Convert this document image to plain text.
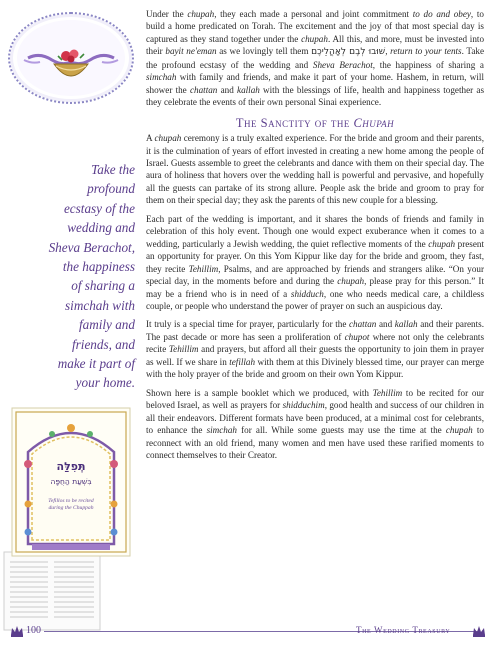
Take the
profound
ecstasy of the
wedding and
Sheva Berachot,
the happiness
of sharing a
simchah with
family and
friends, and
make it part of
your home.
תְּפִלַּה
בִּשְׁעַת הַחֻפָּה
Tefillos to be recited
during the Chuppah

Under the chupah, they each made a personal and joint commitment to do and obey, to build a home predicated on Torah. The excitement and the joy of that most special day is captured as they stand together under the chupah. All this, and more, must be invested into their bayit ne'eman as we lovingly tell them שׁוּבוּ לְבֶם לְאָהֳלֵיכֶם, return to your tents. Take the profound ecstasy of the wedding and Sheva Berachot, the happiness of sharing a simchah with family and friends, and make it part of your home. Hashem, in return, will shower the chattan and kallah with the blessings of life, health and happiness together as they celebrate the events of their own personal Sinai experience.

The Sanctity of the Chupah

A chupah ceremony is a truly exalted experience. For the bride and groom and their parents, it is the culmination of years of effort invested in creating a new home among the people of Israel. Guests assemble to greet the celebrants and dance with them on their special day. The aura of holiness that hovers over the wedding hall is powerful and pervasive, and hopefully all the guests can partake of its strong allure. People ask the bride and groom to pray for them on their special day; they ask the parents of this new couple for a blessing.

Each part of the wedding is important, and it shares the bonds of friends and family in celebration of this holy event. Though one would expect exuberance when it comes to a wedding, particularly a Jewish wedding, the quiet reflective moments of the chupah present an opportunity for prayer. On this Yom Kippur like day for the bride and groom, they fast, they recite Tehillim, Psalms, and are approached by friends and strangers alike. “On your special day, in the moments before and during the chupah, please pray for this person.” It may be a friend who is in need of a shidduch, one who needs medical care, a childless couple, or people who understand the power of prayer on such an auspicious day.

It truly is a special time for prayer, particularly for the chattan and kallah and their parents. The past decade or more has seen a proliferation of chupot where not only the celebrants recite Tehillim and prayers, but afford all their guests the opportunity to join them in prayer as well. If we share in tefillah with them at this Divinely blessed time, our prayer can merge with the holy prayer of the bride and groom on their own Yom Kippur.

Shown here is a sample booklet which we produced, with Tehillim to be recited for our beloved Israel, as well as prayers for shidduchim, good health and success of our children in all their endeavors. Different formats have been produced, at a minimal cost for celebrants, to enhance the simchah for all. While some guests may use the time at the chupah to reconnect with an old friend, many women and men have used these rarified moments to connect themselves to their Creator.

100	The Wedding Treasury
